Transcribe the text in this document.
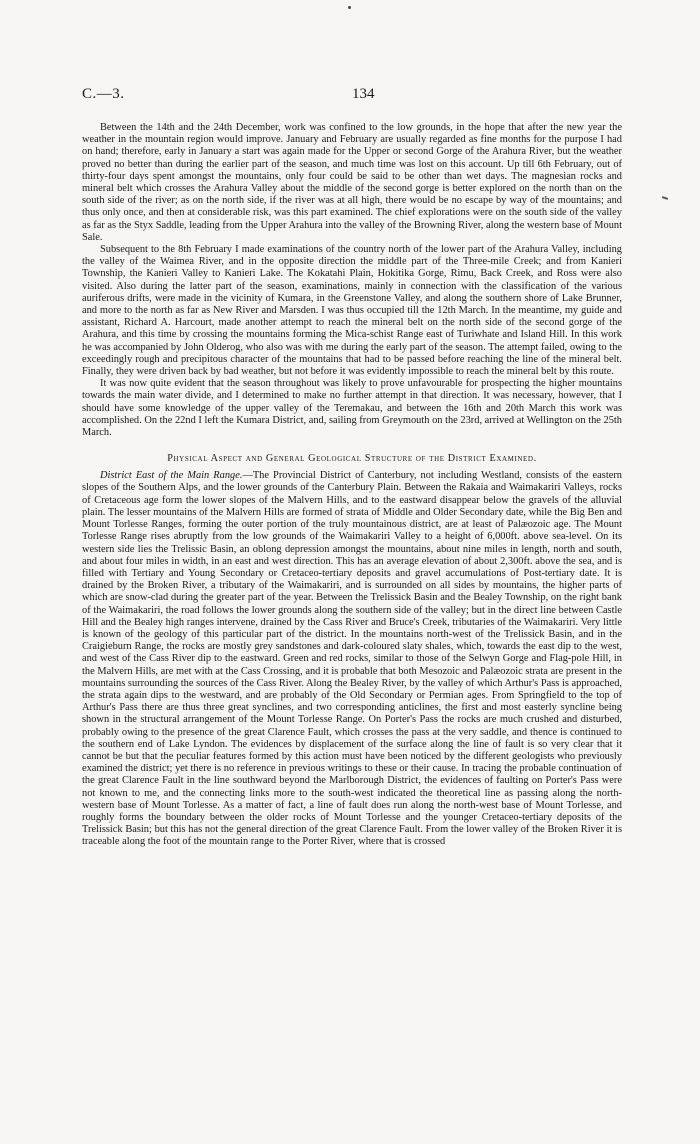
C.—3.	134

Between the 14th and the 24th December, work was confined to the low grounds, in the hope that after the new year the weather in the mountain region would improve. January and February are usually regarded as fine months for the purpose I had on hand; therefore, early in January a start was again made for the Upper or second Gorge of the Arahura River, but the weather proved no better than during the earlier part of the season, and much time was lost on this account. Up till 6th February, out of thirty-four days spent amongst the mountains, only four could be said to be other than wet days. The magnesian rocks and mineral belt which crosses the Arahura Valley about the middle of the second gorge is better explored on the north than on the south side of the river; as on the north side, if the river was at all high, there would be no escape by way of the mountains; and thus only once, and then at considerable risk, was this part examined. The chief explorations were on the south side of the valley as far as the Styx Saddle, leading from the Upper Arahura into the valley of the Browning River, along the western base of Mount Sale.

Subsequent to the 8th February I made examinations of the country north of the lower part of the Arahura Valley, including the valley of the Waimea River, and in the opposite direction the middle part of the Three-mile Creek; and from Kanieri Township, the Kanieri Valley to Kanieri Lake. The Kokatahi Plain, Hokitika Gorge, Rimu, Back Creek, and Ross were also visited. Also during the latter part of the season, examinations, mainly in connection with the classification of the various auriferous drifts, were made in the vicinity of Kumara, in the Greenstone Valley, and along the southern shore of Lake Brunner, and more to the north as far as New River and Marsden. I was thus occupied till the 12th March. In the meantime, my guide and assistant, Richard A. Harcourt, made another attempt to reach the mineral belt on the north side of the second gorge of the Arahura, and this time by crossing the mountains forming the Mica-schist Range east of Turiwhate and Island Hill. In this work he was accompanied by John Olderog, who also was with me during the early part of the season. The attempt failed, owing to the exceedingly rough and precipitous character of the mountains that had to be passed before reaching the line of the mineral belt. Finally, they were driven back by bad weather, but not before it was evidently impossible to reach the mineral belt by this route.

It was now quite evident that the season throughout was likely to prove unfavourable for prospecting the higher mountains towards the main water divide, and I determined to make no further attempt in that direction. It was necessary, however, that I should have some knowledge of the upper valley of the Teremakau, and between the 16th and 20th March this work was accomplished. On the 22nd I left the Kumara District, and, sailing from Greymouth on the 23rd, arrived at Wellington on the 25th March.

Physical Aspect and General Geological Structure of the District Examined.

District East of the Main Range.—The Provincial District of Canterbury, not including Westland, consists of the eastern slopes of the Southern Alps, and the lower grounds of the Canterbury Plain. Between the Rakaia and Waimakariri Valleys, rocks of Cretaceous age form the lower slopes of the Malvern Hills, and to the eastward disappear below the gravels of the alluvial plain. The lesser mountains of the Malvern Hills are formed of strata of Middle and Older Secondary date, while the Big Ben and Mount Torlesse Ranges, forming the outer portion of the truly mountainous district, are at least of Palæozoic age. The Mount Torlesse Range rises abruptly from the low grounds of the Waimakariri Valley to a height of 6,000ft. above sea-level. On its western side lies the Trelissic Basin, an oblong depression amongst the mountains, about nine miles in length, north and south, and about four miles in width, in an east and west direction. This has an average elevation of about 2,300ft. above the sea, and is filled with Tertiary and Young Secondary or Cretaceo-tertiary deposits and gravel accumulations of Post-tertiary date. It is drained by the Broken River, a tributary of the Waimakariri, and is surrounded on all sides by mountains, the higher parts of which are snow-clad during the greater part of the year. Between the Trelissick Basin and the Bealey Township, on the right bank of the Waimakariri, the road follows the lower grounds along the southern side of the valley; but in the direct line between Castle Hill and the Bealey high ranges intervene, drained by the Cass River and Bruce's Creek, tributaries of the Waimakariri. Very little is known of the geology of this particular part of the district. In the mountains north-west of the Trelissick Basin, and in the Craigieburn Range, the rocks are mostly grey sandstones and dark-coloured slaty shales, which, towards the east dip to the west, and west of the Cass River dip to the eastward. Green and red rocks, similar to those of the Selwyn Gorge and Flag-pole Hill, in the Malvern Hills, are met with at the Cass Crossing, and it is probable that both Mesozoic and Palæozoic strata are present in the mountains surrounding the sources of the Cass River. Along the Bealey River, by the valley of which Arthur's Pass is approached, the strata again dips to the westward, and are probably of the Old Secondary or Permian ages. From Springfield to the top of Arthur's Pass there are thus three great synclines, and two corresponding anticlines, the first and most easterly syncline being shown in the structural arrangement of the Mount Torlesse Range. On Porter's Pass the rocks are much crushed and disturbed, probably owing to the presence of the great Clarence Fault, which crosses the pass at the very saddle, and thence is continued to the southern end of Lake Lyndon. The evidences by displacement of the surface along the line of fault is so very clear that it cannot be but that the peculiar features formed by this action must have been noticed by the different geologists who previously examined the district; yet there is no reference in previous writings to these or their cause. In tracing the probable continuation of the great Clarence Fault in the line southward beyond the Marlborough District, the evidences of faulting on Porter's Pass were not known to me, and the connecting links more to the south-west indicated the theoretical line as passing along the north-western base of Mount Torlesse. As a matter of fact, a line of fault does run along the north-west base of Mount Torlesse, and roughly forms the boundary between the older rocks of Mount Torlesse and the younger Cretaceo-tertiary deposits of the Trelissick Basin; but this has not the general direction of the great Clarence Fault. From the lower valley of the Broken River it is traceable along the foot of the mountain range to the Porter River, where that is crossed
